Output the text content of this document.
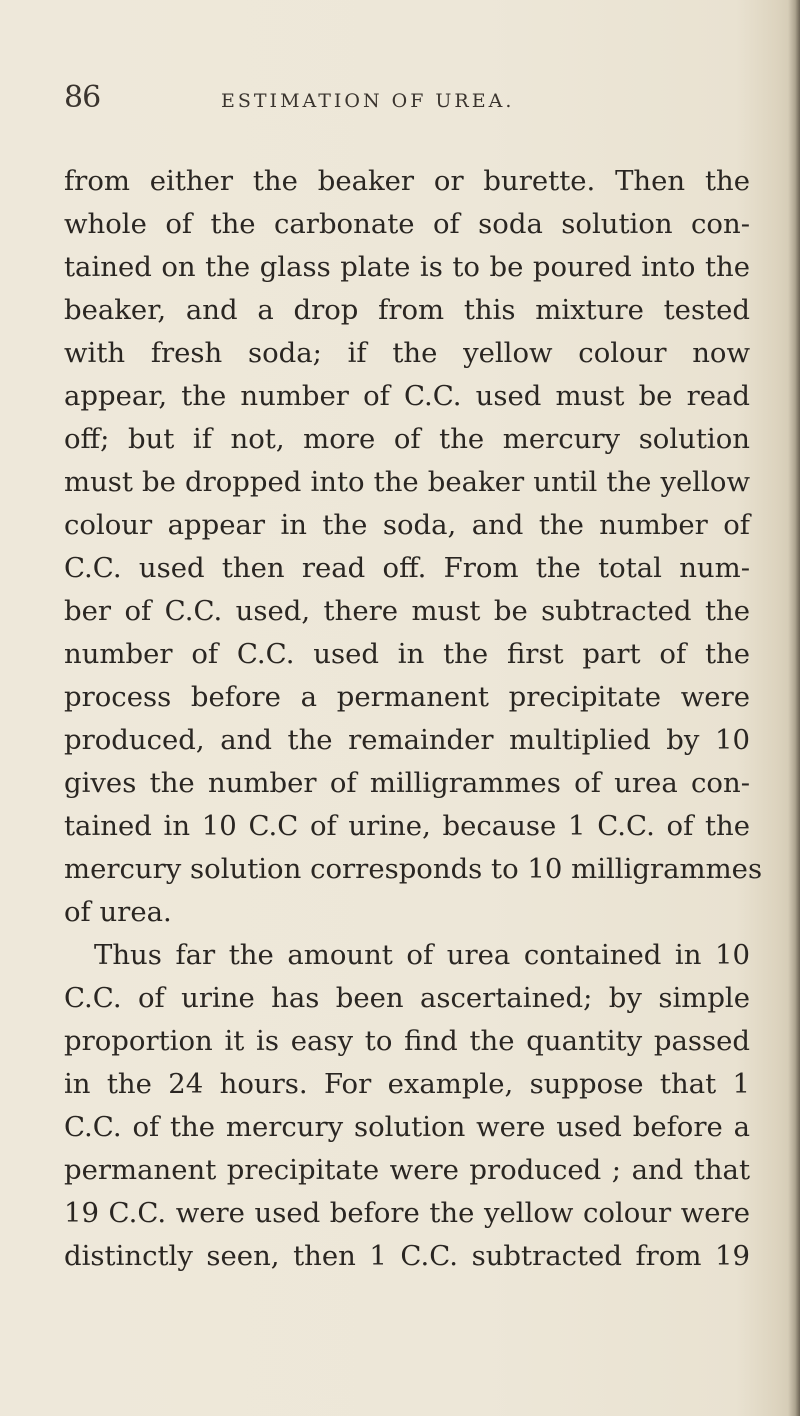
86	ESTIMATION OF UREA.
from either the beaker or burette. Then the
whole of the carbonate of soda solution con-
tained on the glass plate is to be poured into the
beaker, and a drop from this mixture tested
with fresh soda; if the yellow colour now
appear, the number of C.C. used must be read
off; but if not, more of the mercury solution
must be dropped into the beaker until the yellow
colour appear in the soda, and the number of
C.C. used then read off. From the total num-
ber of C.C. used, there must be subtracted the
number of C.C. used in the first part of the
process before a permanent precipitate were
produced, and the remainder multiplied by 10
gives the number of milligrammes of urea con-
tained in 10 C.C of urine, because 1 C.C. of the
mercury solution corresponds to 10 milligrammes
of urea.
Thus far the amount of urea contained in 10
C.C. of urine has been ascertained; by simple
proportion it is easy to find the quantity passed
in the 24 hours. For example, suppose that 1
C.C. of the mercury solution were used before a
permanent precipitate were produced ; and that
19 C.C. were used before the yellow colour were
distinctly seen, then 1 C.C. subtracted from 19
